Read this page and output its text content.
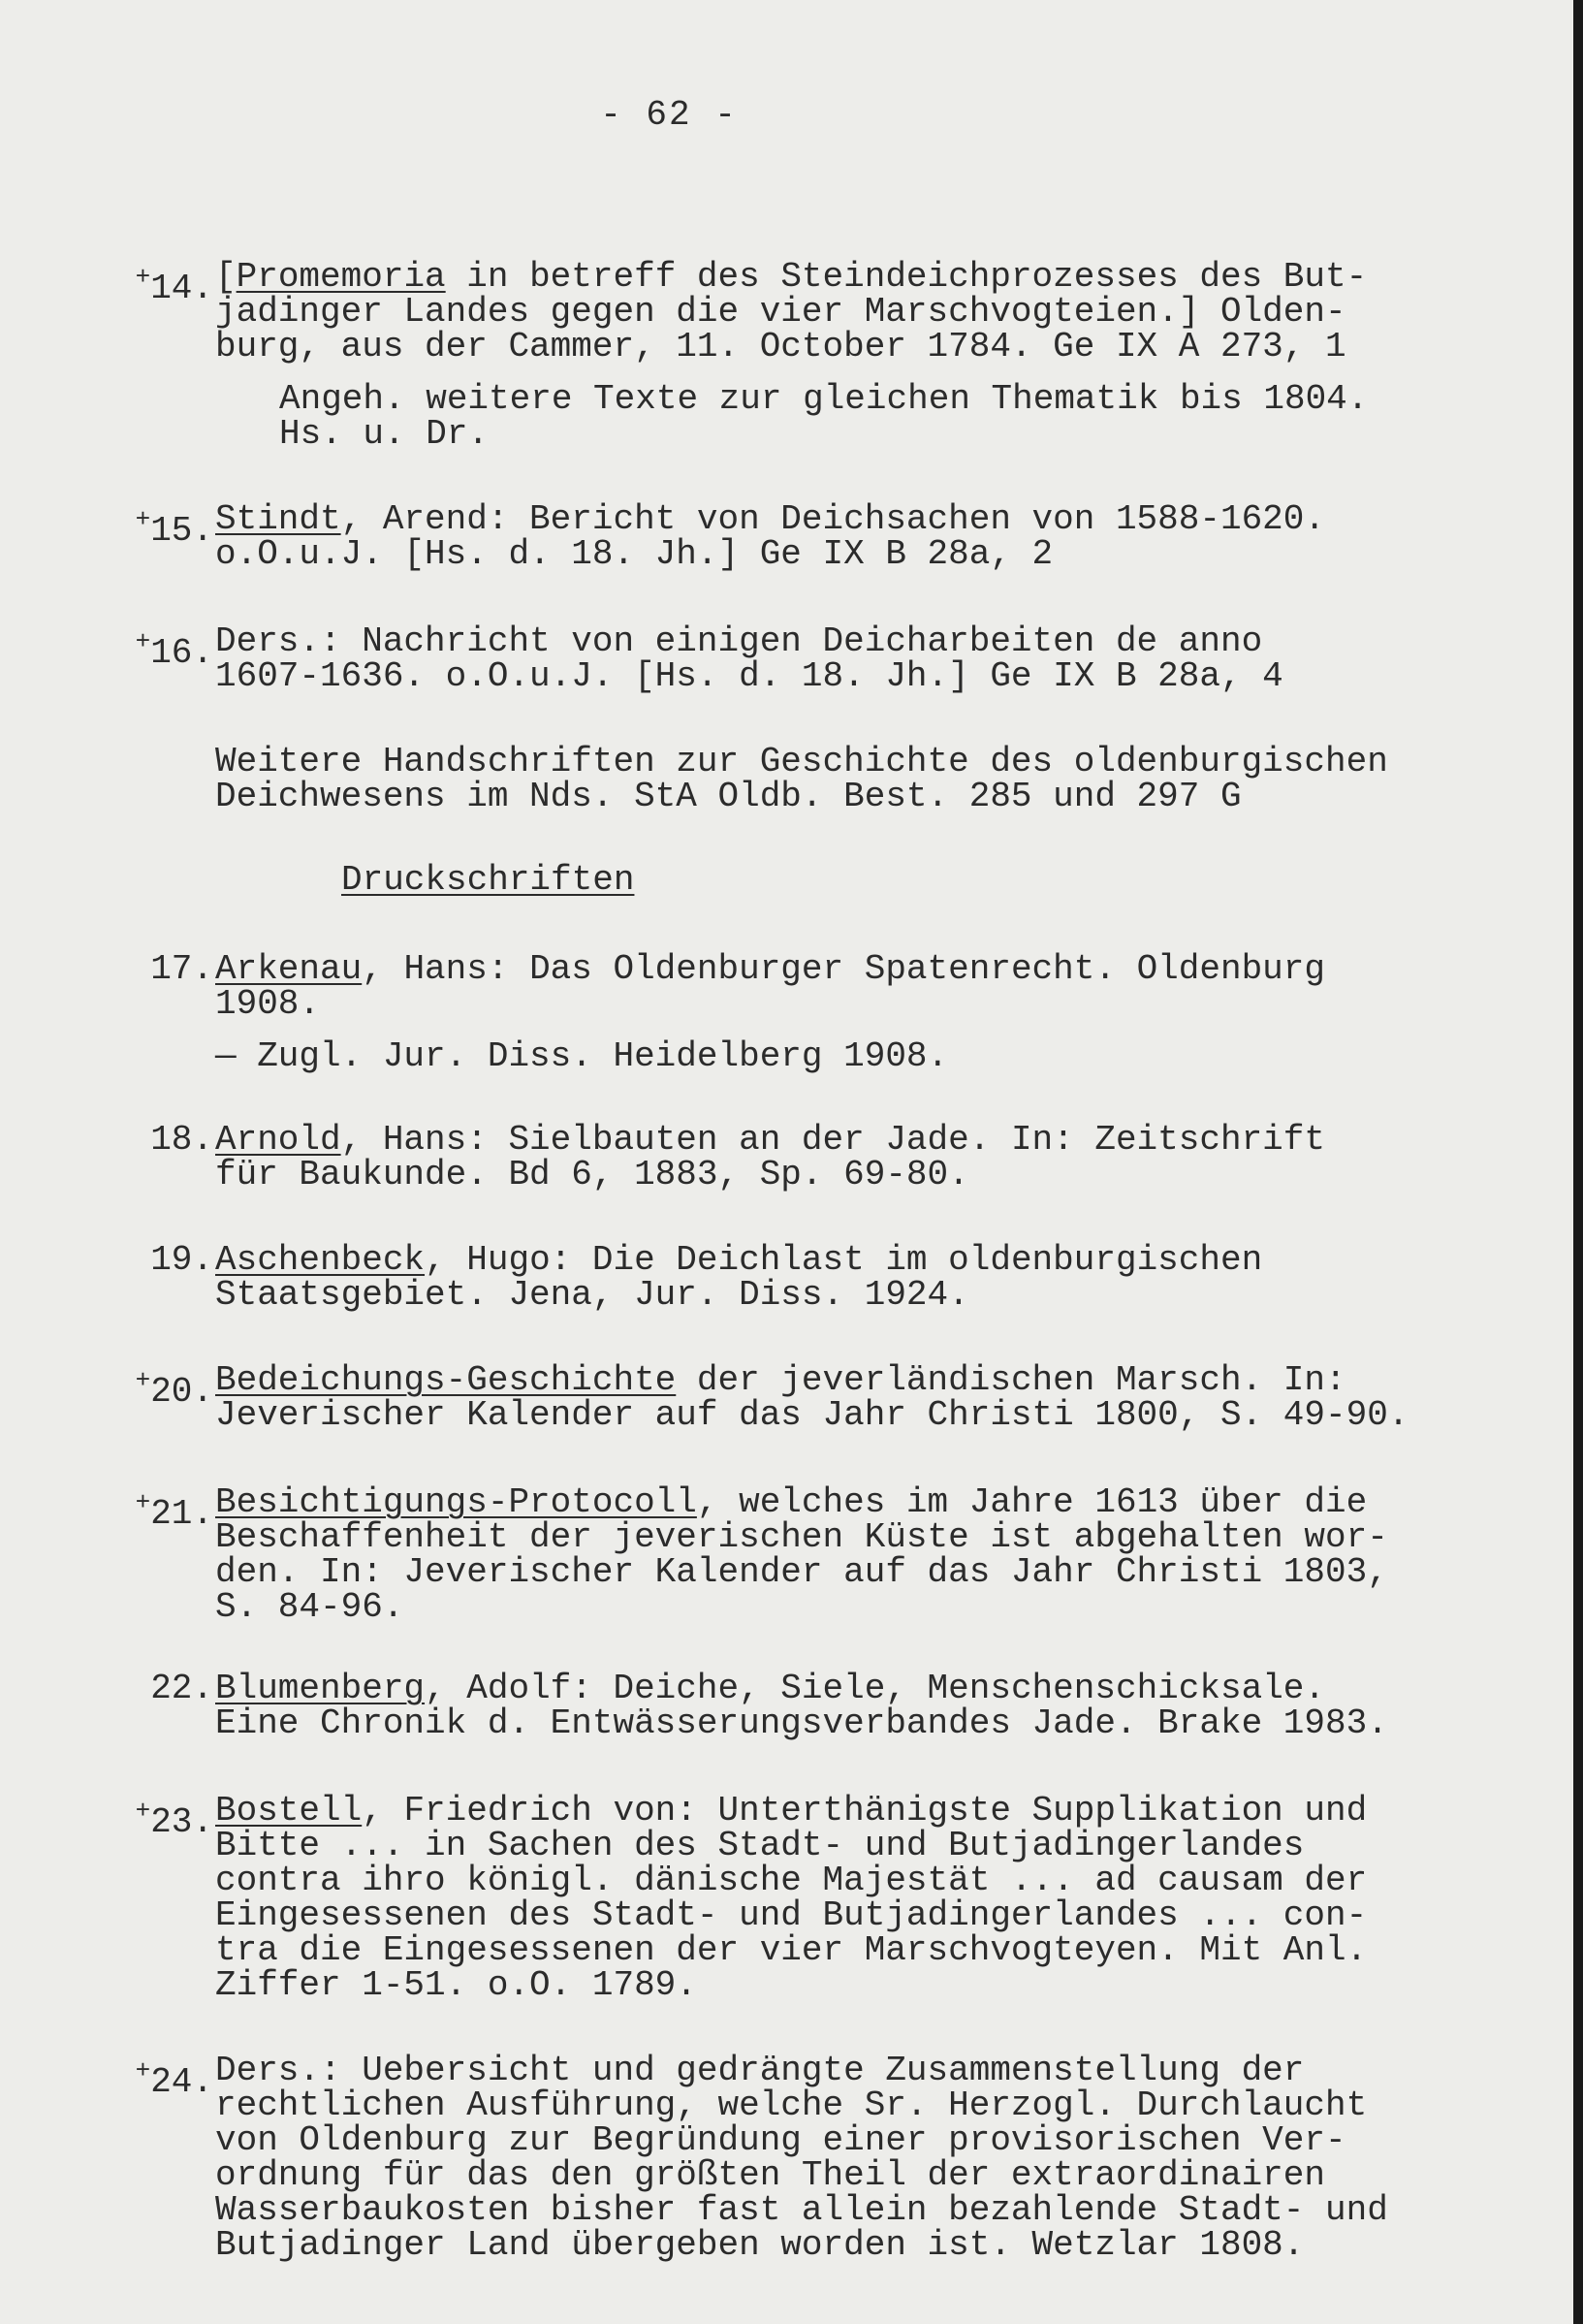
- 62 -
+14. [Promemoria in betreff des Steindeichprozesses des But-
jadinger Landes gegen die vier Marschvogteien.] Olden-
burg, aus der Cammer, 11. October 1784. Ge IX A 273, 1
Angeh. weitere Texte zur gleichen Thematik bis 1804.
Hs. u. Dr.
+15. Stindt, Arend: Bericht von Deichsachen von 1588-1620.
o.O.u.J. [Hs. d. 18. Jh.] Ge IX B 28a, 2
+16. Ders.: Nachricht von einigen Deicharbeiten de anno
1607-1636. o.O.u.J. [Hs. d. 18. Jh.] Ge IX B 28a, 4
Weitere Handschriften zur Geschichte des oldenburgischen
Deichwesens im Nds. StA Oldb. Best. 285 und 297 G
Druckschriften
17. Arkenau, Hans: Das Oldenburger Spatenrecht. Oldenburg
1908.
— Zugl. Jur. Diss. Heidelberg 1908.
18. Arnold, Hans: Sielbauten an der Jade. In: Zeitschrift
für Baukunde. Bd 6, 1883, Sp. 69-80.
19. Aschenbeck, Hugo: Die Deichlast im oldenburgischen
Staatsgebiet. Jena, Jur. Diss. 1924.
+20. Bedeichungs-Geschichte der jeverländischen Marsch. In:
Jeverischer Kalender auf das Jahr Christi 1800, S. 49-90.
+21. Besichtigungs-Protocoll, welches im Jahre 1613 über die
Beschaffenheit der jeverischen Küste ist abgehalten wor-
den. In: Jeverischer Kalender auf das Jahr Christi 1803,
S. 84-96.
22. Blumenberg, Adolf: Deiche, Siele, Menschenschicksale.
Eine Chronik d. Entwässerungsverbandes Jade. Brake 1983.
+23. Bostell, Friedrich von: Unterthänigste Supplikation und
Bitte ... in Sachen des Stadt- und Butjadingerlandes
contra ihro königl. dänische Majestät ... ad causam der
Eingesessenen des Stadt- und Butjadingerlandes ... con-
tra die Eingesessenen der vier Marschvogteyen. Mit Anl.
Ziffer 1-51. o.O. 1789.
+24. Ders.: Uebersicht und gedrängte Zusammenstellung der
rechtlichen Ausführung, welche Sr. Herzogl. Durchlaucht
von Oldenburg zur Begründung einer provisorischen Ver-
ordnung für das den größten Theil der extraordinairen
Wasserbaukosten bisher fast allein bezahlende Stadt- und
Butjadinger Land übergeben worden ist. Wetzlar 1808.
